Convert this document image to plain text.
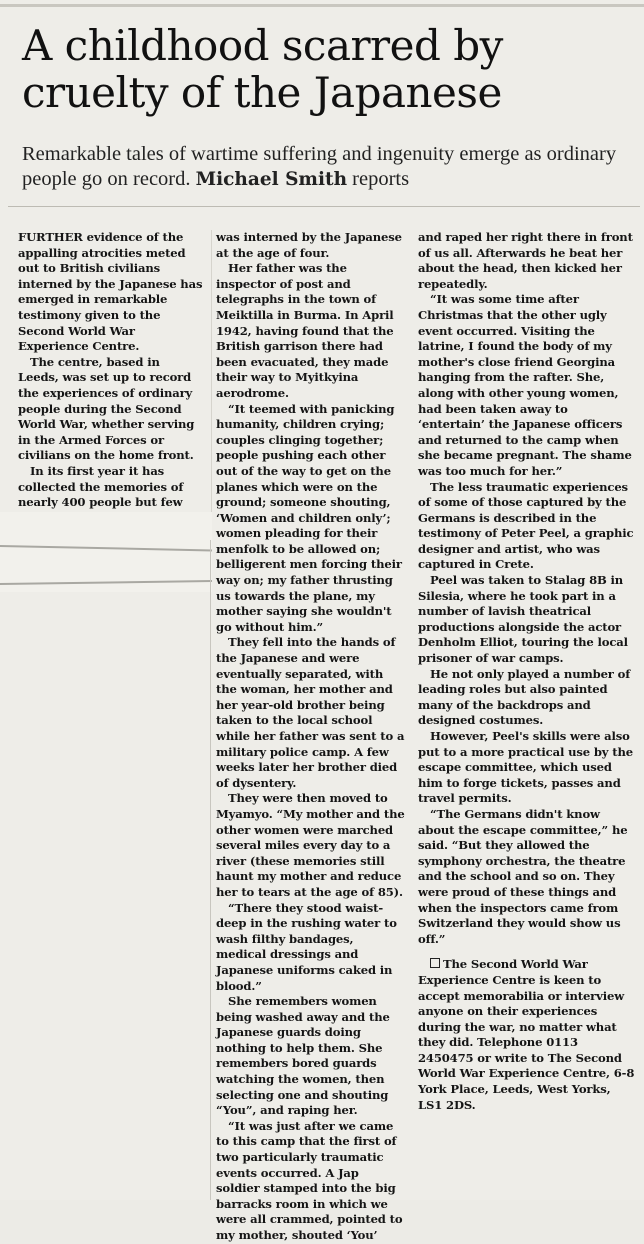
A childhood scarred by cruelty of the Japanese

Remarkable tales of wartime suffering and ingenuity emerge as ordinary people go on record. Michael Smith reports

FURTHER evidence of the appalling atrocities meted out to British civilians interned by the Japanese has emerged in remarkable testimony given to the Second World War Experience Centre.

The centre, based in Leeds, was set up to record the experiences of ordinary people during the Second World War, whether serving in the Armed Forces or civilians on the home front.

In its first year it has collected the memories of nearly 400 people but few

was interned by the Japanese at the age of four.

Her father was the inspector of post and telegraphs in the town of Meiktilla in Burma. In April 1942, having found that the British garrison there had been evacuated, they made their way to Myitkyina aerodrome.

“It teemed with panicking humanity, children crying; couples clinging together; people pushing each other out of the way to get on the planes which were on the ground; someone shouting, ‘Women and children only’; women pleading for their menfolk to be allowed on; belligerent men forcing their way on; my father thrusting us towards the plane, my mother saying she wouldn't go without him.”

They fell into the hands of the Japanese and were eventually separated, with the woman, her mother and her year-old brother being taken to the local school while her father was sent to a military police camp. A few weeks later her brother died of dysentery.

They were then moved to Myamyo. “My mother and the other women were marched several miles every day to a river (these memories still haunt my mother and reduce her to tears at the age of 85).

“There they stood waist-deep in the rushing water to wash filthy bandages, medical dressings and Japanese uniforms caked in blood.”

She remembers women being washed away and the Japanese guards doing nothing to help them. She remembers bored guards watching the women, then selecting one and shouting “You”, and raping her.

“It was just after we came to this camp that the first of two particularly traumatic events occurred. A Jap soldier stamped into the big barracks room in which we were all crammed, pointed to my mother, shouted ‘You’

and raped her right there in front of us all. Afterwards he beat her about the head, then kicked her repeatedly.

“It was some time after Christmas that the other ugly event occurred. Visiting the latrine, I found the body of my mother's close friend Georgina hanging from the rafter. She, along with other young women, had been taken away to ‘entertain’ the Japanese officers and returned to the camp when she became pregnant. The shame was too much for her.”

The less traumatic experiences of some of those captured by the Germans is described in the testimony of Peter Peel, a graphic designer and artist, who was captured in Crete.

Peel was taken to Stalag 8B in Silesia, where he took part in a number of lavish theatrical productions alongside the actor Denholm Elliot, touring the local prisoner of war camps.

He not only played a number of leading roles but also painted many of the backdrops and designed costumes.

However, Peel's skills were also put to a more practical use by the escape committee, which used him to forge tickets, passes and travel permits.

“The Germans didn't know about the escape committee,” he said. “But they allowed the symphony orchestra, the theatre and the school and so on. They were proud of these things and when the inspectors came from Switzerland they would show us off.”

The Second World War Experience Centre is keen to accept memorabilia or interview anyone on their experiences during the war, no matter what they did. Telephone 0113 2450475 or write to The Second World War Experience Centre, 6-8 York Place, Leeds, West Yorks, LS1 2DS.
